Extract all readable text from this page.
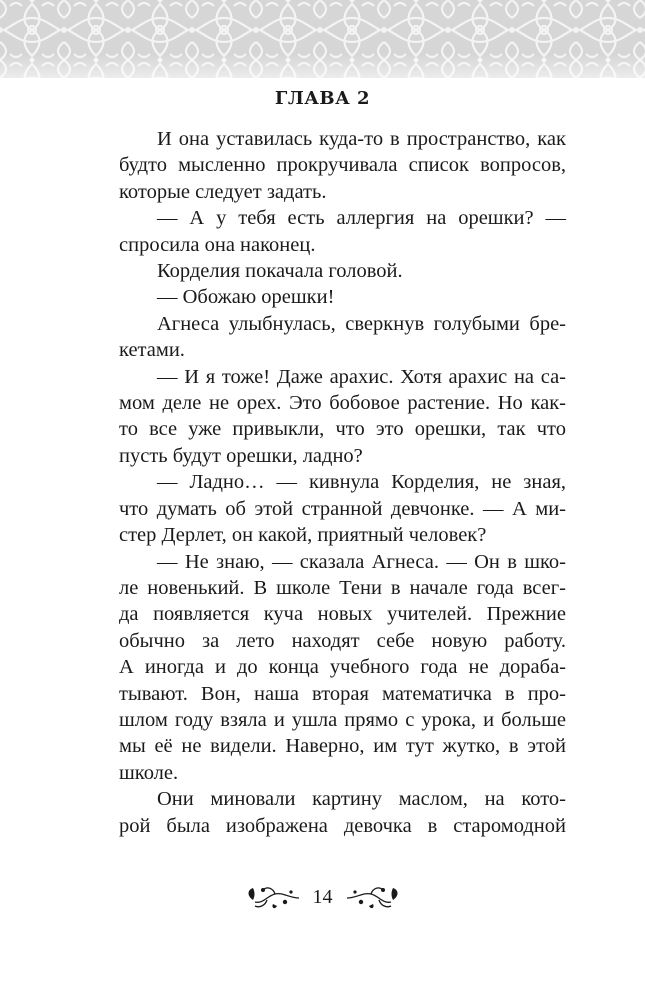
ГЛАВА 2
И она уставилась куда-то в пространство, как
будто мысленно прокручивала список вопросов,
которые следует задать.
— А у тебя есть аллергия на орешки? —
спросила она наконец.
Корделия покачала головой.
— Обожаю орешки!
Агнеса улыбнулась, сверкнув голубыми бре-
кетами.
— И я тоже! Даже арахис. Хотя арахис на са-
мом деле не орех. Это бобовое растение. Но как-
то все уже привыкли, что это орешки, так что
пусть будут орешки, ладно?
— Ладно… — кивнула Корделия, не зная,
что думать об этой странной девчонке. — А ми-
стер Дерлет, он какой, приятный человек?
— Не знаю, — сказала Агнеса. — Он в шко-
ле новенький. В школе Тени в начале года всег-
да появляется куча новых учителей. Прежние
обычно за лето находят себе новую работу.
А иногда и до конца учебного года не дораба-
тывают. Вон, наша вторая математичка в про-
шлом году взяла и ушла прямо с урока, и больше
мы её не видели. Наверно, им тут жутко, в этой
школе.
Они миновали картину маслом, на кото-
рой была изображена девочка в старомодной
14
